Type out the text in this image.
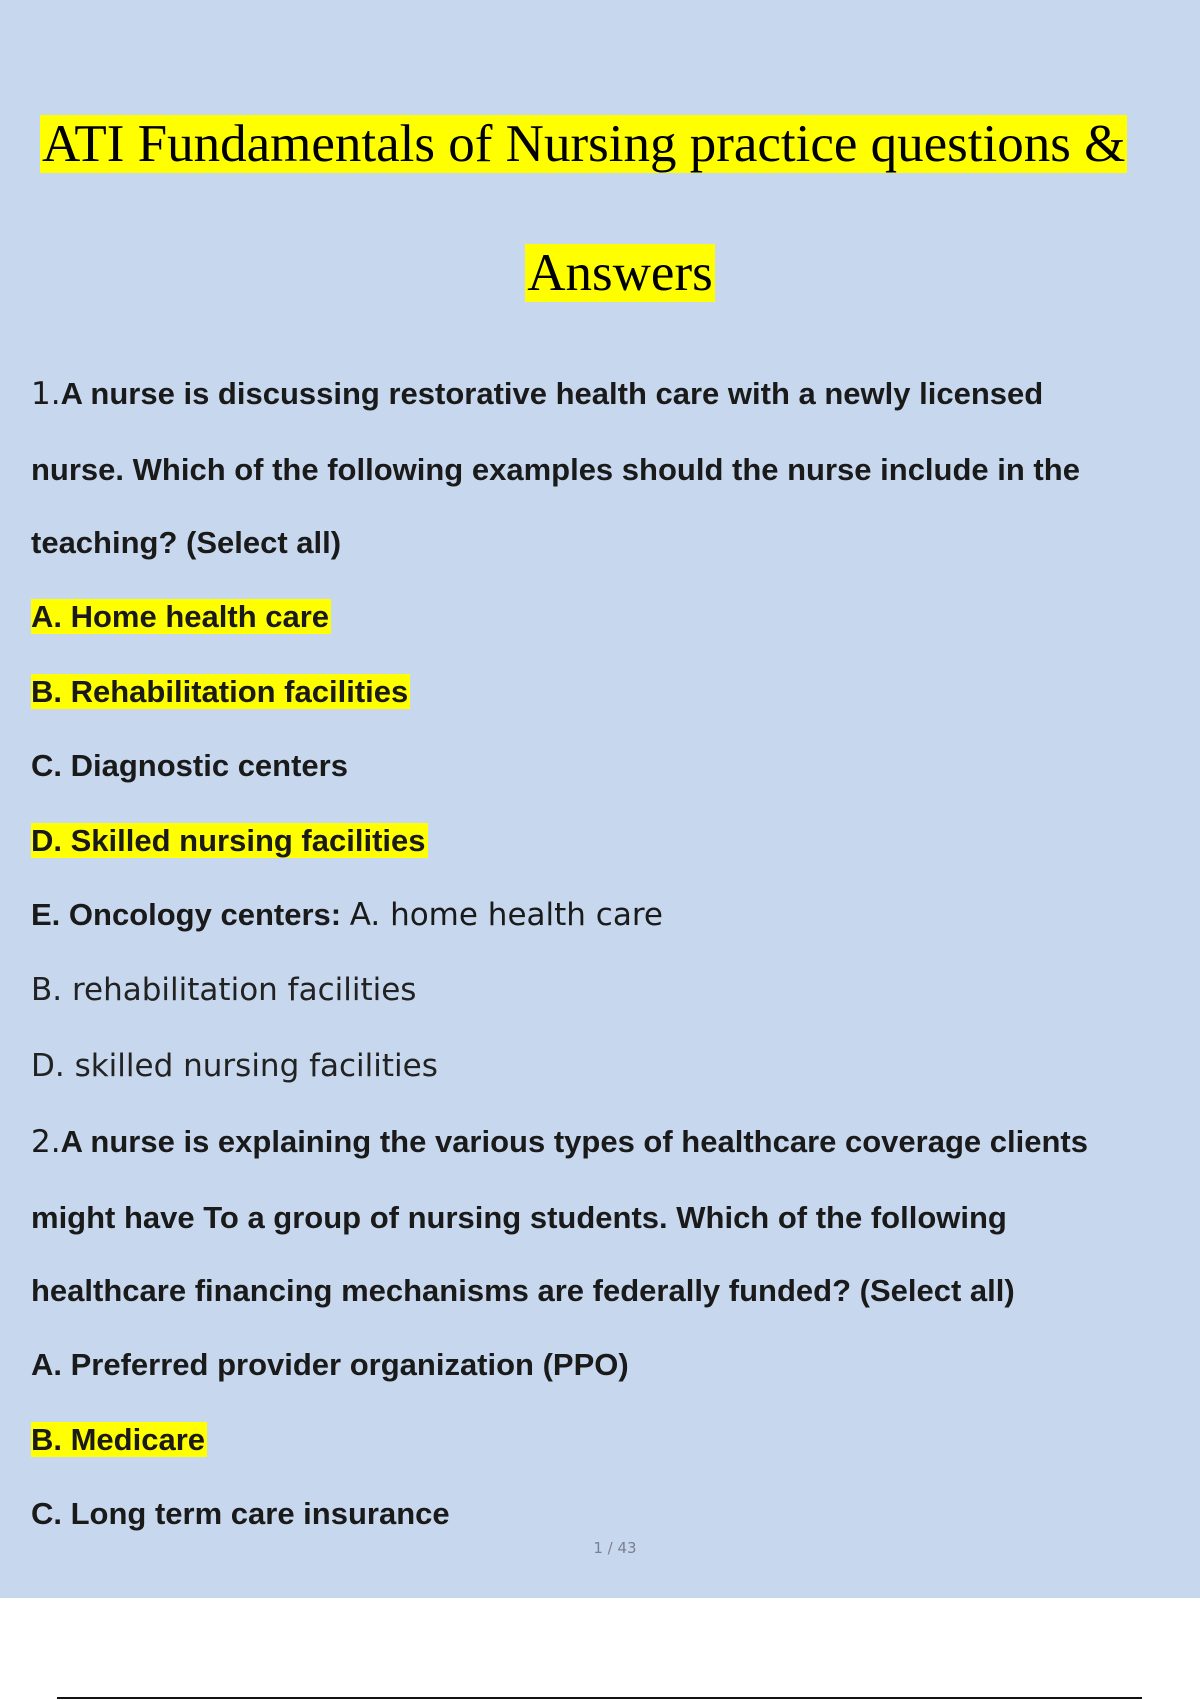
ATI Fundamentals of Nursing practice questions &
Answers
1.A nurse is discussing restorative health care with a newly licensed
nurse. Which of the following examples should the nurse include in the
teaching? (Select all)
A. Home health care
B. Rehabilitation facilities
C. Diagnostic centers
D. Skilled nursing facilities
E. Oncology centers: A. home health care
B. rehabilitation facilities
D. skilled nursing facilities
2.A nurse is explaining the various types of healthcare coverage clients
might have To a group of nursing students. Which of the following
healthcare financing mechanisms are federally funded? (Select all)
A. Preferred provider organization (PPO)
B. Medicare
C. Long term care insurance
1 / 43
